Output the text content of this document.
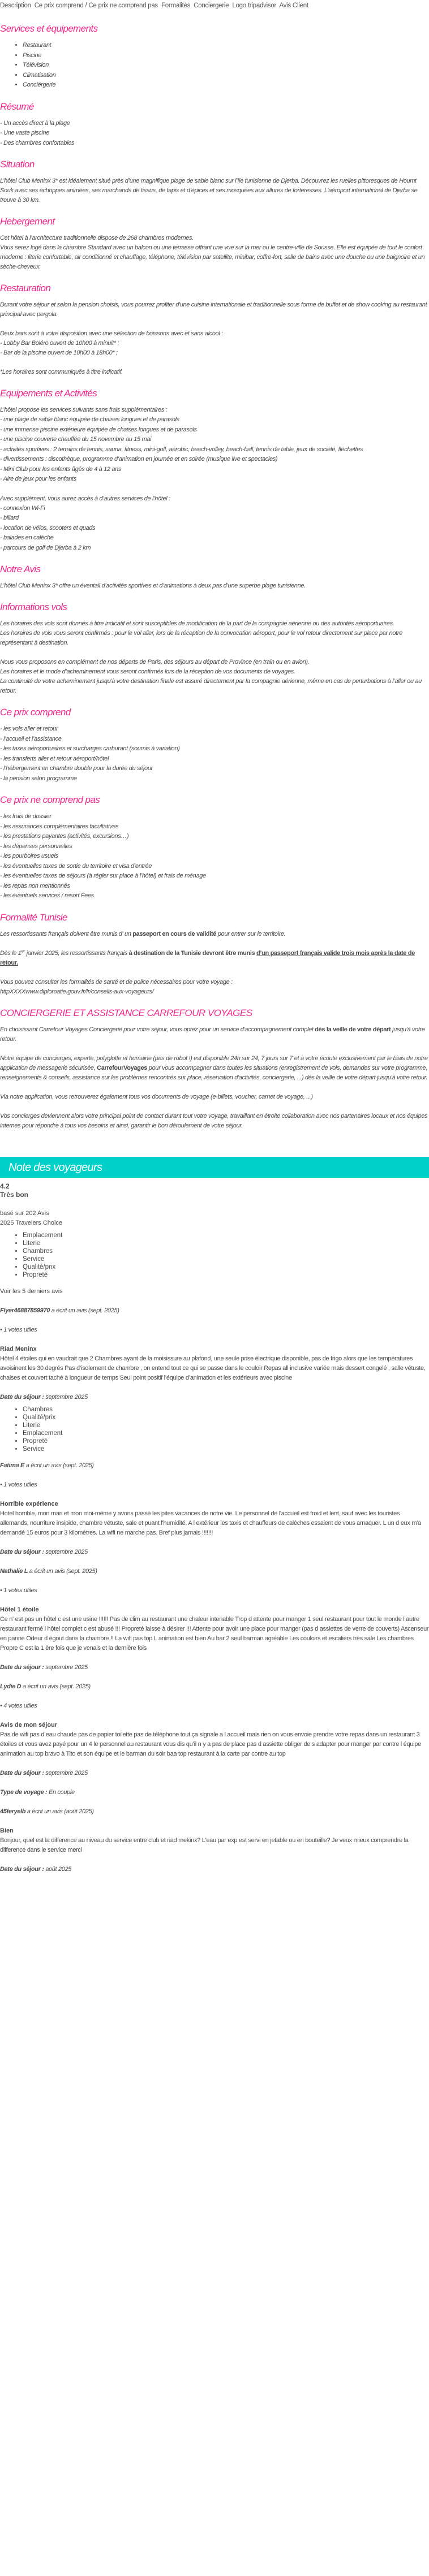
Description Ce prix comprend / Ce prix ne comprend pas Formalités Conciergerie Logo tripadvisor Avis Client
Services et équipements
• Restaurant
• Piscine
• Télévision
• Climatisation
• Conciërgerie
Résumé
- Un accès direct à la plage
- Une vaste piscine
- Des chambres confortables
Situation

L’hôtel Club Meninx 3* est idéalement situé près d’une magnifique plage de sable blanc sur l’île tunisienne de Djerba. Découvrez les ruelles pittoresques de Houmt Souk avec ses échoppes animées, ses marchands de tissus, de tapis et d’épices et ses mosquées aux allures de forteresses. L’aéroport international de Djerba se trouve à 30 km.

Hebergement

Cet hôtel à l’architecture traditionnelle dispose de 268 chambres modernes.

Vous serez logé dans la chambre Standard avec un balcon ou une terrasse offrant une vue sur la mer ou le centre-ville de Sousse. Elle est équipée de tout le confort moderne : literie confortable, air conditionné et chauffage, téléphone, télévision par satellite, minibar, coffre-fort, salle de bains avec une douche ou une baignoire et un sèche-cheveux.

Restauration

Durant votre séjour et selon la pension choisis, vous pourrez profiter d'une cuisine internationale et traditionnelle sous forme de buffet et de show cooking au restaurant principal avec pergola.

Deux bars sont à votre disposition avec une sélection de boissons avec et sans alcool :

- Lobby Bar Boléro ouvert de 10h00 à minuit* ;

- Bar de la piscine ouvert de 10h00 à 18h00* ;

*Les horaires sont communiqués à titre indicatif.

Equipements et Activités

L’hôtel propose les services suivants sans frais supplémentaires :

- une plage de sable blanc équipée de chaises longues et de parasols
- une immense piscine extérieure équipée de chaises longues et de parasols
- une piscine couverte chauffée du 15 novembre au 15 mai
- activités sportives : 2 terrains de tennis, sauna, fitness, mini-golf, aérobic, beach-volley, beach-ball, tennis de table, jeux de société, fléchettes
- divertissements : discothèque, programme d’animation en journée et en soirée (musique live et spectacles)
- Mini Club pour les enfants âgés de 4 à 12 ans
- Aire de jeux pour les enfants

Avec supplément, vous aurez accès à d’autres services de l’hôtel :

- connexion Wi-Fi
- billard
- location de vélos, scooters et quads
- balades en calèche
- parcours de golf de Djerba à 2 km
Notre Avis

L’hôtel Club Meninx 3* offre un éventail d’activités sportives et d’animations à deux pas d’une superbe plage tunisienne.

Informations vols

Les horaires des vols sont donnés à titre indicatif et sont susceptibles de modification de la part de la compagnie aérienne ou des autorités aéroportuaires.

Les horaires de vols vous seront confirmés : pour le vol aller, lors de la réception de la convocation aéroport, pour le vol retour directement sur place par notre représentant à destination.

Nous vous proposons en complément de nos départs de Paris, des séjours au départ de Province (en train ou en avion).

Les horaires et le mode d’acheminement vous seront confirmés lors de la réception de vos documents de voyages.

La continuité de votre acheminement jusqu'à votre destination finale est assuré directement par la compagnie aérienne, même en cas de perturbations à l’aller ou au retour.

Ce prix comprend
- les vols aller et retour
- l’accueil et l’assistance
- les taxes aéroportuaires et surcharges carburant (soumis à variation)
- les transferts aller et retour aéroport/hôtel
- l’hébergement en chambre double pour la durée du séjour
- la pension selon programme
Ce prix ne comprend pas
- les frais de dossier
- les assurances complémentaires facultatives
- les prestations payantes (activités, excursions…)
- les dépenses personnelles
- les pourboires usuels
- les éventuelles taxes de sortie du territoire et visa d’entrée
- les éventuelles taxes de séjours (à régler sur place à l’hôtel) et frais de ménage
- les repas non mentionnés
- les éventuels services / resort Fees
Formalité Tunisie

Les ressortissants français doivent être munis d' un passeport en cours de validité pour entrer sur le territoire.

Dès le 1er janvier 2025, les ressortissants français à destination de la Tunisie devront être munis d’un passeport français valide trois mois après la date de retour.

Vous pouvez consulter les formalités de santé et de police nécessaires pour votre voyage :

httpXXXXwww.diplomatie.gouv.fr/fr/conseils-aux-voyageurs/

CONCIERGERIE ET ASSISTANCE CARREFOUR VOYAGES

En choisissant Carrefour Voyages Conciergerie pour votre séjour, vous optez pour un service d'accompagnement complet dès la veille de votre départ jusqu'à votre retour.

Notre équipe de concierges, experte, polyglotte et humaine (pas de robot !) est disponible 24h sur 24, 7 jours sur 7 et à votre écoute exclusivement par le biais de notre application de messagerie sécurisée, CarrefourVoyages pour vous accompagner dans toutes les situations (enregistrement de vols, demandes sur votre programme, renseignements & conseils, assistance sur les problèmes rencontrés sur place, réservation d'activités, conciergerie, ...) dès la veille de votre départ jusqu'à votre retour.

Via notre application, vous retrouverez également tous vos documents de voyage (e-billets, voucher, carnet de voyage, ...)

Vos concierges deviennent alors votre principal point de contact durant tout votre voyage, travaillant en étroite collaboration avec nos partenaires locaux et nos équipes internes pour répondre à tous vos besoins et ainsi, garantir le bon déroulement de votre séjour.

Note des voyageurs
4.2
Très bon
basé sur 202 Avis
2025 Travelers Choice
• Emplacement
• Literie
• Chambres
• Service
• Qualité/prix
• Propreté

Voir les 5 derniers avis

Flyer46887859970 a écrit un avis (sept. 2025)

• 1 votes utiles

Riad Meninx

Hôtel 4 étoiles qui en vaudrait que 2 Chambres ayant de la moisissure au plafond, une seule prise électrique disponible, pas de frigo alors que les températures avoisinent les 30 degrés Pas d’isolement de chambre , on entend tout ce qui se passe dans le couloir Repas all inclusive variée mais dessert congelé , salle vétuste, chaises et couvert taché à longueur de temps Seul point positif l’équipe d’animation et les extérieurs avec piscine

Date du séjour : septembre 2025

• Chambres
• Qualité/prix
• Literie
• Emplacement
• Propreté
• Service

Fatima E a écrit un avis (sept. 2025)

• 1 votes utiles

Horrible expérience

Hotel horrible, mon mari et mon moi-même y avons passé les pites vacances de notre vie. Le personnel de l'accueil est froid et lent, sauf avec les touristes allemands, nourriture insipide, chambre vétuste, sale et puant l'humidité. A l extérieur les taxis et chauffeurs de calèches essaient de vous arnaquer. L un d eux m'a demandé 15 euros pour 3 kilomètres. La wifi ne marche pas. Bref plus jamais !!!!!!!

Date du séjour : septembre 2025

Nathalie L a écrit un avis (sept. 2025)

• 1 votes utiles

Hôtel 1 étoile

Ce n' est pas un hôtel c est une usine !!!!!! Pas de clim au restaurant une chaleur intenable Trop d attente pour manger 1 seul restaurant pour tout le monde l autre restaurant fermé l hôtel complet c est abusé !!! Propreté laisse à désirer !!! Attente pour avoir une place pour manger (pas d assiettes de verre de couverts) Ascenseur en panne Odeur d égout dans la chambre !! La wifi pas top L animation est bien Au bar 2 seul barman agréable Les couloirs et escaliers très sale Les chambres Propre C est la 1 ère fois que je venais et la dernière fois

Date du séjour : septembre 2025

Lydie D a écrit un avis (sept. 2025)

• 4 votes utiles

Avis de mon séjour

Pas de wifi pas d eau chaude pas de papier toilette pas de téléphone tout ça signale a l accueil mais rien on vous envoie prendre votre repas dans un restaurant 3 étoiles et vous avez payé pour un 4 le personnel au restaurant vous dis qu’il n y a pas de place pas d assiette obliger de s adapter pour manger par contre l équipe animation au top bravo à Tito et son équipe et le barman du soir baa top restaurant à la carte par contre au top

Date du séjour : septembre 2025

Type de voyage : En couple

45feryelb a écrit un avis (août 2025)

Bien

Bonjour, quel est la difference au niveau du service entre club et riad mekinx? L'eau par exp est servi en jetable ou en bouteille? Je veux mieux comprendre la difference dans le service merci

Date du séjour : août 2025
